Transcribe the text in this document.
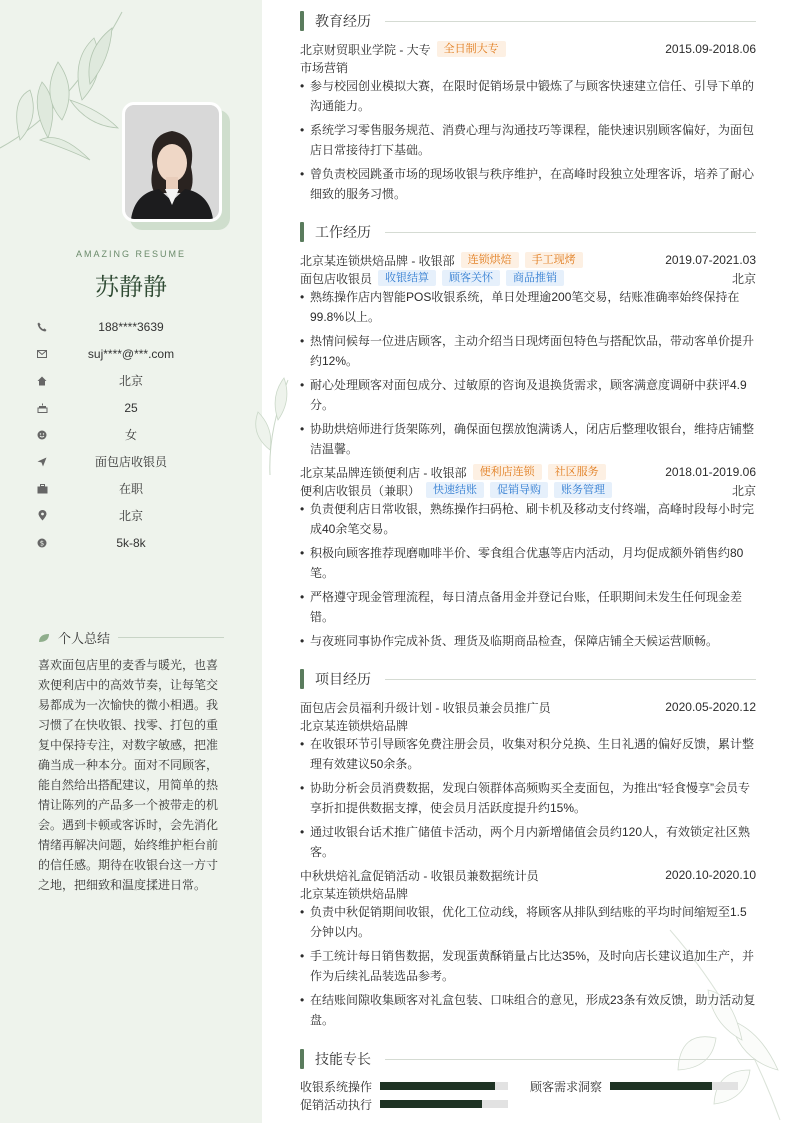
AMAZING RESUME
苏静静
188****3639
suj****@***.com
北京
25
女
面包店收银员
在职
北京
$	5k-8k
个人总结
喜欢面包店里的麦香与暖光，也喜欢便利店中的高效节奏，让每笔交易都成为一次愉快的微小相遇。我习惯了在快收银、找零、打包的重复中保持专注，对数字敏感，把准确当成一种本分。面对不同顾客，能自然给出搭配建议，用简单的热情让陈列的产品多一个被带走的机会。遇到卡顿或客诉时，会先消化情绪再解决问题，始终维护柜台前的信任感。期待在收银台这一方寸之地，把细致和温度揉进日常。
教育经历
北京财贸职业学院 - 大专	全日制大专	2015.09-2018.06
市场营销
• 参与校园创业模拟大赛，在限时促销场景中锻炼了与顾客快速建立信任、引导下单的沟通能力。
• 系统学习零售服务规范、消费心理与沟通技巧等课程，能快速识别顾客偏好，为面包店日常接待打下基础。
• 曾负责校园跳蚤市场的现场收银与秩序维护，在高峰时段独立处理客诉，培养了耐心细致的服务习惯。
工作经历
北京某连锁烘焙品牌 - 收银部	连锁烘焙	手工现烤	2019.07-2021.03
面包店收银员	收银结算	顾客关怀	商品推销	北京
• 熟练操作店内智能POS收银系统，单日处理逾200笔交易，结账准确率始终保持在99.8%以上。
• 热情问候每一位进店顾客，主动介绍当日现烤面包特色与搭配饮品，带动客单价提升约12%。
• 耐心处理顾客对面包成分、过敏原的咨询及退换货需求，顾客满意度调研中获评4.9分。
• 协助烘焙师进行货架陈列，确保面包摆放饱满诱人，闭店后整理收银台，维持店铺整洁温馨。
北京某品牌连锁便利店 - 收银部	便利店连锁	社区服务	2018.01-2019.06
便利店收银员（兼职）	快速结账	促销导购	账务管理	北京
• 负责便利店日常收银，熟练操作扫码枪、刷卡机及移动支付终端，高峰时段每小时完成40余笔交易。
• 积极向顾客推荐现磨咖啡半价、零食组合优惠等店内活动，月均促成额外销售约80笔。
• 严格遵守现金管理流程，每日清点备用金并登记台账，任职期间未发生任何现金差错。
• 与夜班同事协作完成补货、理货及临期商品检查，保障店铺全天候运营顺畅。
项目经历
面包店会员福利升级计划 - 收银员兼会员推广员	2020.05-2020.12
北京某连锁烘焙品牌
• 在收银环节引导顾客免费注册会员，收集对积分兑换、生日礼遇的偏好反馈，累计整理有效建议50余条。
• 协助分析会员消费数据，发现白领群体高频购买全麦面包，为推出“轻食慢享”会员专享折扣提供数据支撑，使会员月活跃度提升约15%。
• 通过收银台话术推广储值卡活动，两个月内新增储值会员约120人，有效锁定社区熟客。
中秋烘焙礼盒促销活动 - 收银员兼数据统计员	2020.10-2020.10
北京某连锁烘焙品牌
• 负责中秋促销期间收银，优化工位动线，将顾客从排队到结账的平均时间缩短至1.5分钟以内。
• 手工统计每日销售数据，发现蛋黄酥销量占比达35%，及时向店长建议追加生产，并作为后续礼品装选品参考。
• 在结账间隙收集顾客对礼盒包装、口味组合的意见，形成23条有效反馈，助力活动复盘。
技能专长
收银系统操作	顾客需求洞察
促销活动执行
